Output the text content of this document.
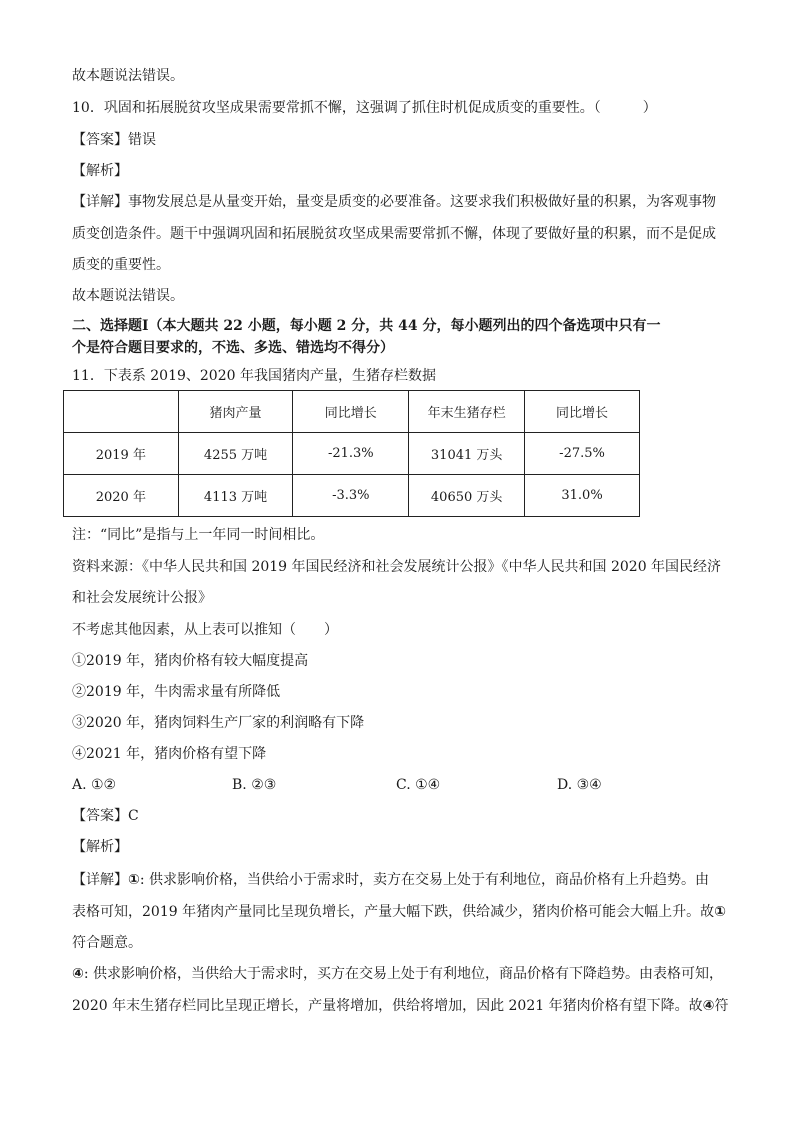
故本题说法错误。
10．巩固和拓展脱贫攻坚成果需要常抓不懈，这强调了抓住时机促成质变的重要性。（　　　）
【答案】错误
【解析】
【详解】事物发展总是从量变开始，量变是质变的必要准备。这要求我们积极做好量的积累，为客观事物
质变创造条件。题干中强调巩固和拓展脱贫攻坚成果需要常抓不懈，体现了要做好量的积累，而不是促成
质变的重要性。
故本题说法错误。
二、选择题Ⅰ（本大题共 22 小题，每小题 2 分，共 44 分，每小题列出的四个备选项中只有一
个是符合题目要求的，不选、多选、错选均不得分）
11．下表系 2019、2020 年我国猪肉产量，生猪存栏数据
	猪肉产量	同比增长	年末生猪存栏	同比增长
2019 年	4255 万吨	-21.3%	31041 万头	-27.5%
2020 年	4113 万吨	-3.3%	40650 万头	31.0%
注：“同比”是指与上一年同一时间相比。
资料来源：《中华人民共和国 2019 年国民经济和社会发展统计公报》《中华人民共和国 2020 年国民经济
和社会发展统计公报》
不考虑其他因素，从上表可以推知（　　）
①2019 年，猪肉价格有较大幅度提高
②2019 年，牛肉需求量有所降低
③2020 年，猪肉饲料生产厂家的利润略有下降
④2021 年，猪肉价格有望下降
A. ①②	B. ②③	C. ①④	D. ③④
【答案】C
【解析】
【详解】①: 供求影响价格，当供给小于需求时，卖方在交易上处于有利地位，商品价格有上升趋势。由
表格可知，2019 年猪肉产量同比呈现负增长，产量大幅下跌，供给减少，猪肉价格可能会大幅上升。故①
符合题意。
④: 供求影响价格，当供给大于需求时，买方在交易上处于有利地位，商品价格有下降趋势。由表格可知，
2020 年末生猪存栏同比呈现正增长，产量将增加，供给将增加，因此 2021 年猪肉价格有望下降。故④符
